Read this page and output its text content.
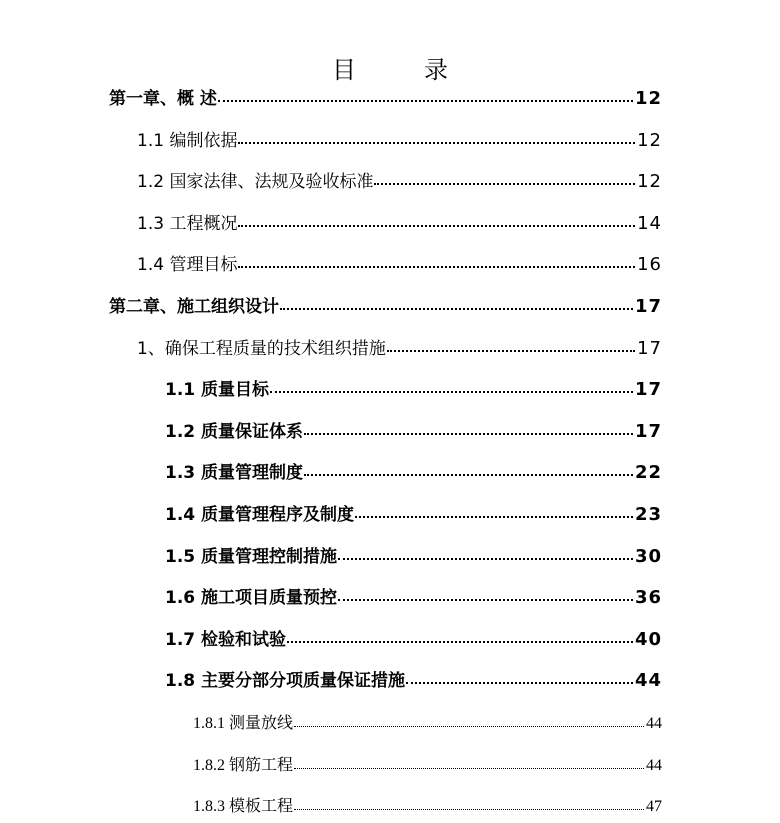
目　录
第一章、概 述	12
1.1 编制依据	12
1.2 国家法律、法规及验收标准	12
1.3 工程概况	14
1.4 管理目标	16
第二章、施工组织设计	17
1、确保工程质量的技术组织措施	17
1.1 质量目标	17
1.2 质量保证体系	17
1.3 质量管理制度	22
1.4 质量管理程序及制度	23
1.5 质量管理控制措施	30
1.6 施工项目质量预控	36
1.7 检验和试验	40
1.8 主要分部分项质量保证措施	44
1.8.1 测量放线	44
1.8.2 钢筋工程	44
1.8.3 模板工程	47
